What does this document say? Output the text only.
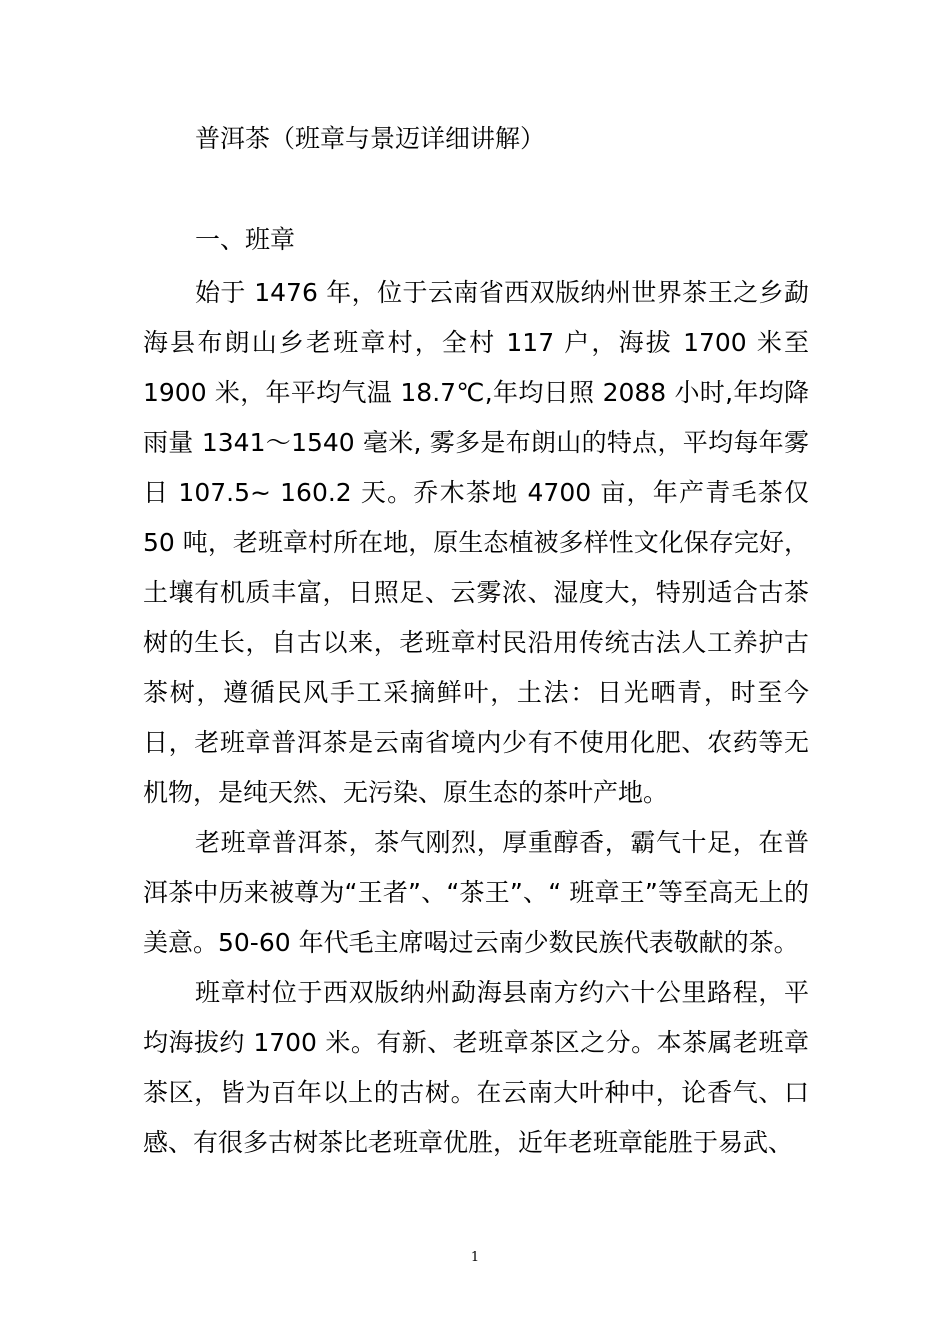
普洱茶（班章与景迈详细讲解）
一、班章

始于 1476 年，位于云南省西双版纳州世界茶王之乡勐海县布朗山乡老班章村，全村 117 户，海拔 1700 米至 1900 米，年平均气温 18.7℃,年均日照 2088 小时,年均降雨量 1341～1540 毫米, 雾多是布朗山的特点，平均每年雾日 107.5~ 160.2 天。乔木茶地 4700 亩，年产青毛茶仅 50 吨，老班章村所在地，原生态植被多样性文化保存完好，土壤有机质丰富，日照足、云雾浓、湿度大，特别适合古茶树的生长，自古以来，老班章村民沿用传统古法人工养护古茶树，遵循民风手工采摘鲜叶，土法：日光晒青，时至今日，老班章普洱茶是云南省境内少有不使用化肥、农药等无机物，是纯天然、无污染、原生态的茶叶产地。

老班章普洱茶，茶气刚烈，厚重醇香，霸气十足，在普洱茶中历来被尊为“王者”、“茶王”、“ 班章王”等至高无上的美意。50-60 年代毛主席喝过云南少数民族代表敬献的茶。

班章村位于西双版纳州勐海县南方约六十公里路程，平均海拔约 1700 米。有新、老班章茶区之分。本茶属老班章茶区，皆为百年以上的古树。在云南大叶种中，论香气、口感、有很多古树茶比老班章优胜，近年老班章能胜于易武、

1
